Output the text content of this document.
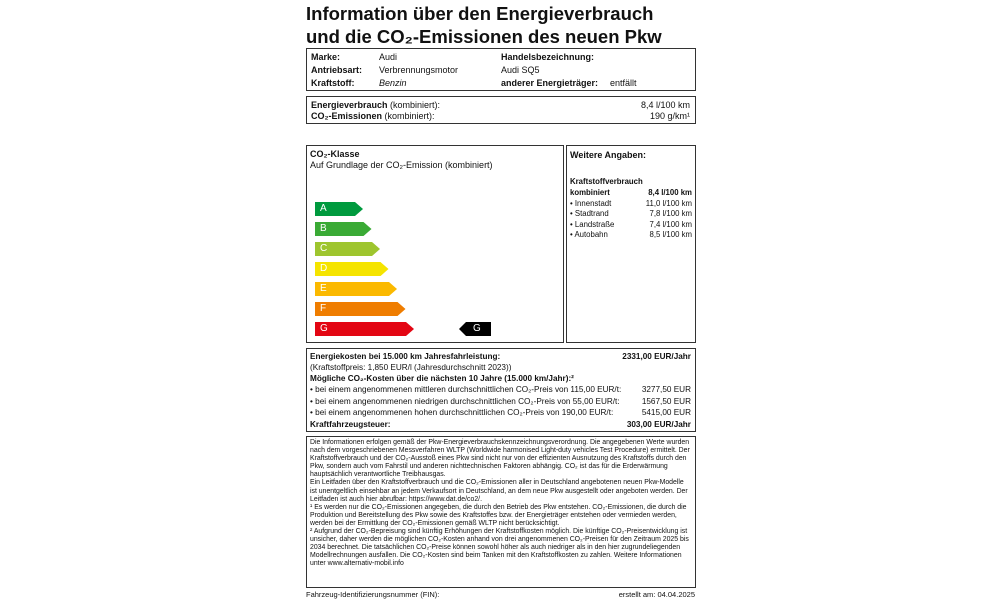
Information über den Energieverbrauch
und die CO₂-Emissionen des neuen Pkw
Marke:	Audi
Antriebsart: Verbrennungsmotor
Kraftstoff:	Benzin
Handelsbezeichnung:
Audi SQ5
anderer Energieträger: entfällt
Energieverbrauch (kombiniert):	8,4 l/100 km
CO₂-Emissionen (kombiniert):	190 g/km¹
CO₂-Klasse
Auf Grundlage der CO₂-Emission (kombiniert)
A
B
C
D
E
F
G	G
Weitere Angaben:
Kraftstoffverbrauch
kombiniert	8,4 l/100 km
• Innenstadt	11,0 l/100 km
• Stadtrand	7,8 l/100 km
• Landstraße	7,4 l/100 km
• Autobahn	8,5 l/100 km
Energiekosten bei 15.000 km Jahresfahrleistung:	2331,00 EUR/Jahr
(Kraftstoffpreis: 1,850 EUR/l (Jahresdurchschnitt 2023))
Mögliche CO₂-Kosten über die nächsten 10 Jahre (15.000 km/Jahr):²
• bei einem angenommenen mittleren durchschnittlichen CO₂-Preis von 115,00 EUR/t:	3277,50 EUR
• bei einem angenommenen niedrigen durchschnittlichen CO₂-Preis von 55,00 EUR/t:	1567,50 EUR
• bei einem angenommenen hohen durchschnittlichen CO₂-Preis von 190,00 EUR/t:	5415,00 EUR
Kraftfahrzeugsteuer:	303,00 EUR/Jahr

Die Informationen erfolgen gemäß der Pkw-Energieverbrauchskennzeichnungsverordnung. Die angegebenen Werte wurden nach dem vorgeschriebenen Messverfahren WLTP (Worldwide harmonised Light-duty vehicles Test Procedure) ermittelt. Der Kraftstoffverbrauch und der CO₂-Ausstoß eines Pkw sind nicht nur von der effizienten Ausnutzung des Kraftstoffs durch den Pkw, sondern auch vom Fahrstil und anderen nichttechnischen Faktoren abhängig. CO₂ ist das für die Erderwärmung hauptsächlich verantwortliche Treibhausgas.

Ein Leitfaden über den Kraftstoffverbrauch und die CO₂-Emissionen aller in Deutschland angebotenen neuen Pkw-Modelle ist unentgeltlich einsehbar an jedem Verkaufsort in Deutschland, an dem neue Pkw ausgestellt oder angeboten werden. Der Leitfaden ist auch hier abrufbar: https://www.dat.de/co2/.

¹ Es werden nur die CO₂-Emissionen angegeben, die durch den Betrieb des Pkw entstehen. CO₂-Emissionen, die durch die Produktion und Bereitstellung des Pkw sowie des Kraftstoffes bzw. der Energieträger entstehen oder vermieden werden, werden bei der Ermittlung der CO₂-Emissionen gemäß WLTP nicht berücksichtigt.

² Aufgrund der CO₂-Bepreisung sind künftig Erhöhungen der Kraftstoffkosten möglich. Die künftige CO₂-Preisentwicklung ist unsicher, daher werden die möglichen CO₂-Kosten anhand von drei angenommenen CO₂-Preisen für den Zeitraum 2025 bis 2034 berechnet. Die tatsächlichen CO₂-Preise können sowohl höher als auch niedriger als in den hier zugrundeliegenden Modellrechnungen ausfallen. Die CO₂-Kosten sind beim Tanken mit den Kraftstoffkosten zu zahlen. Weitere Informationen unter www.alternativ-mobil.info

Fahrzeug-Identifizierungsnummer (FIN):	erstellt am: 04.04.2025
